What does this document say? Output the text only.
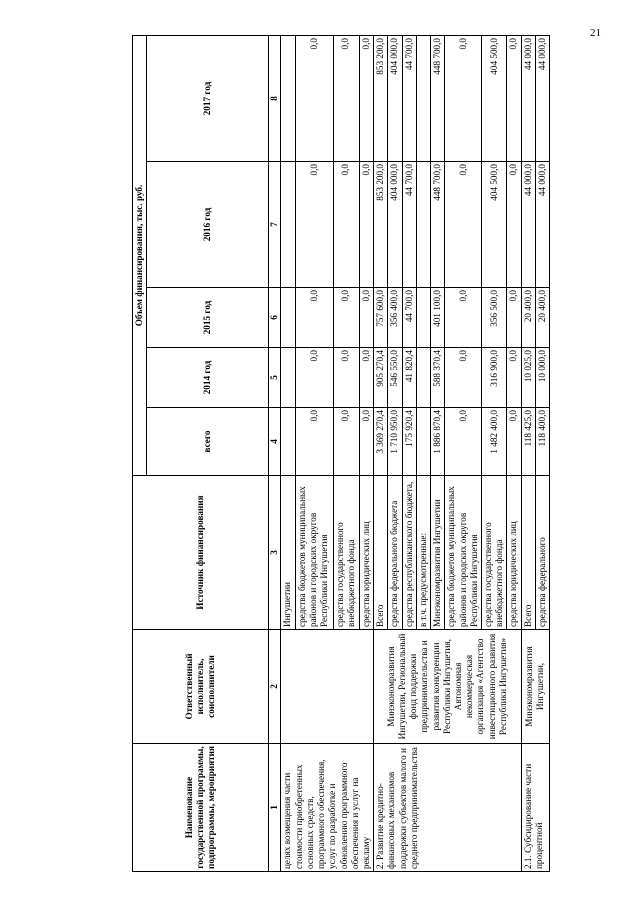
21
Наименование государственной программы, подпрограммы, мероприятия	Ответственный исполнитель, соисполнители	Источник финансирования	Объем финансирования, тыс. руб.				
			всего	2014 год	2015 год	2016 год	2017 год
1	2	3	4	5	6	7	8
целях возмещения части стоимости приобретенных основных средств, программного обеспечения, услуг по разработке и обновлению программного обеспечения и услуг на рекламу		Ингушетии					
		средства бюджетов муниципальных районов и городских округов Республики Ингушетия	0,0	0,0	0,0	0,0	0,0
		средства государственного внебюджетного фонда	0,0	0,0	0,0	0,0	0,0
		средства юридических лиц	0,0	0,0	0,0	0,0	0,0
2. Развитие кредитно-финансовых механизмов поддержки субъектов малого и среднего предпринимательства	Минэкономразвития Ингушетии, Региональный фонд поддержки предпринимательства и развития конкуренции Республики Ингушетия, Автономная некоммерческая организация «Агентство инвестиционного развития Республики Ингушетия»	Всего	3 369 270,4	905 270,4	757 600,0	853 200,0	853 200,0
		средства федерального бюджета	1 710 950,0	546 550,0	356 400,0	404 000,0	404 000,0
		средства республиканского бюджета,	175 920,4	41 820,4	44 700,0	44 700,0	44 700,0
		в т.ч. предусмотренные:					
		Минэкономразвития Ингушетии	1 886 870,4	588 370,4	401 100,0	448 700,0	448 700,0
		средства бюджетов муниципальных районов и городских округов Республики Ингушетия	0,0	0,0	0,0	0,0	0,0
		средства государственного внебюджетного фонда	1 482 400,0	316 900,0	356 500,0	404 500,0	404 500,0
		средства юридических лиц	0,0	0,0	0,0	0,0	0,0
2.1. Субсидирование части процентной	Минэкономразвития Ингушетии,	Всего	118 425,0	10 025,0	20 400,0	44 000,0	44 000,0
		средства федерального	118 400,0	10 000,0	20 400,0	44 000,0	44 000,0
